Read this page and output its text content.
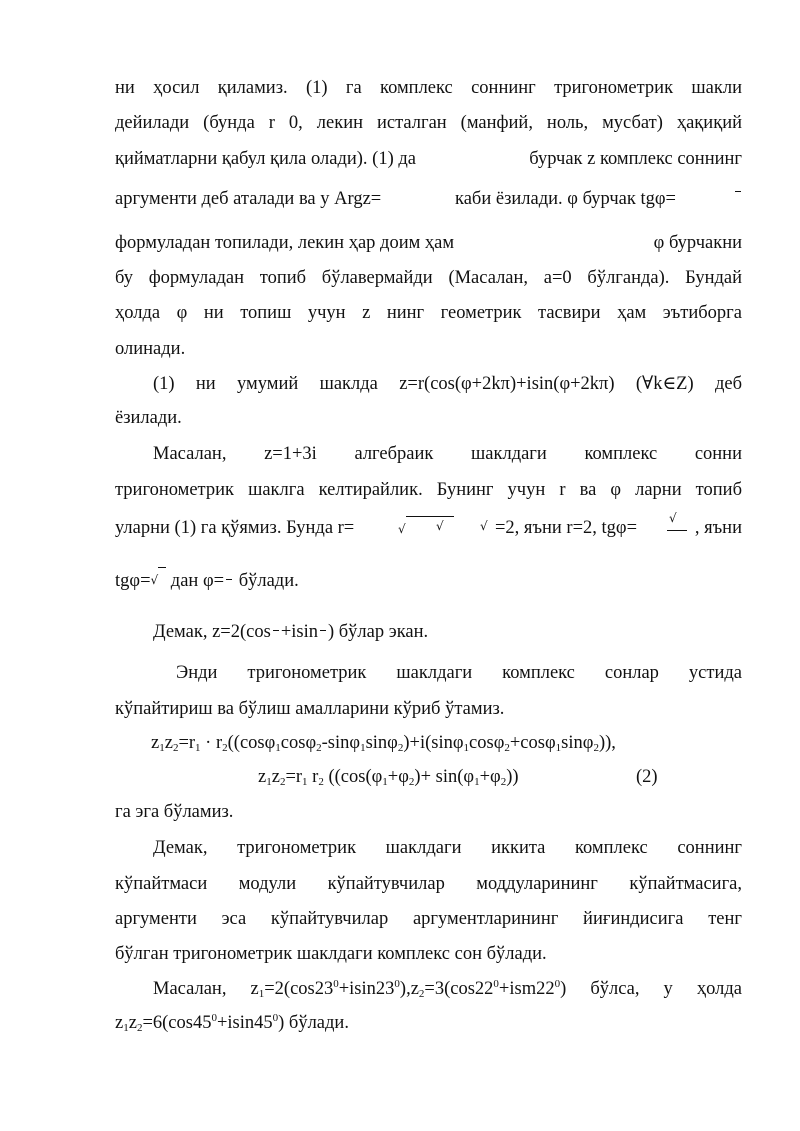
ни ҳосил қиламиз. (1) га комплекс соннинг тригонометрик шакли
дейилади (бунда r 0, лекин исталган (манфий, ноль, мусбат) ҳақиқий
қийматларни қабул қила олади). (1) да	бурчак z комплекс соннинг
аргументи деб аталади ва у Argz=	каби ёзилади. φ бурчак tgφ=
формуладан топилади, лекин ҳар доим ҳам	φ бурчакни
бу формуладан топиб бўлавермайди (Масалан, a=0 бўлганда). Бундай
ҳолда φ ни топиш учун z нинг геометрик тасвири ҳам эътиборга
олинади.
(1) ни умумий шаклда z=r(cos(φ+2kπ)+isin(φ+2kπ) (∀k∈Z) деб
ёзилади.
Масалан, z=1+3i алгебраик шаклдаги комплекс сонни
тригонометрик шаклга келтирайлик. Бунинг учун r ва φ ларни топиб
уларни (1) га қўямиз. Бунда r=	√	√	√ =2, яъни r=2, tgφ=	√ , яъни
tgφ=√ дан φ= бўлади.
Демак, z=2(cos +isin ) бўлар экан.
Энди тригонометрик шаклдаги комплекс сонлар устида
кўпайтириш ва бўлиш амалларини кўриб ўтамиз.
$z_1z_2=r_1 \cdot r_2((\cos\varphi_1\cos\varphi_2-\sin\varphi_1\sin\varphi_2)+i(\sin\varphi_1\cos\varphi_2+\cos\varphi_1\sin\varphi_2))$,
$z_1z_2=r_1$ $r_2$ ($(\cos(\varphi_1+\varphi_2)+ \sin(\varphi_1+\varphi_2))$	(2)
га эга бўламиз.
Демак, тригонометрик шаклдаги иккита комплекс соннинг
кўпайтмаси модули кўпайтувчилар моддуларининг кўпайтмасига,
аргументи эса кўпайтувчилар аргументларининг йиғиндисига тенг
бўлган тригонометрик шаклдаги комплекс сон бўлади.
Масалан, $z_1=2(\cos 23^0+isin23^0),z_2=3(\cos 22^0+ism22^0)$ бўлса, у ҳолда
$z_1z_2=6(\cos 45^0+isin45^0)$ бўлади.
